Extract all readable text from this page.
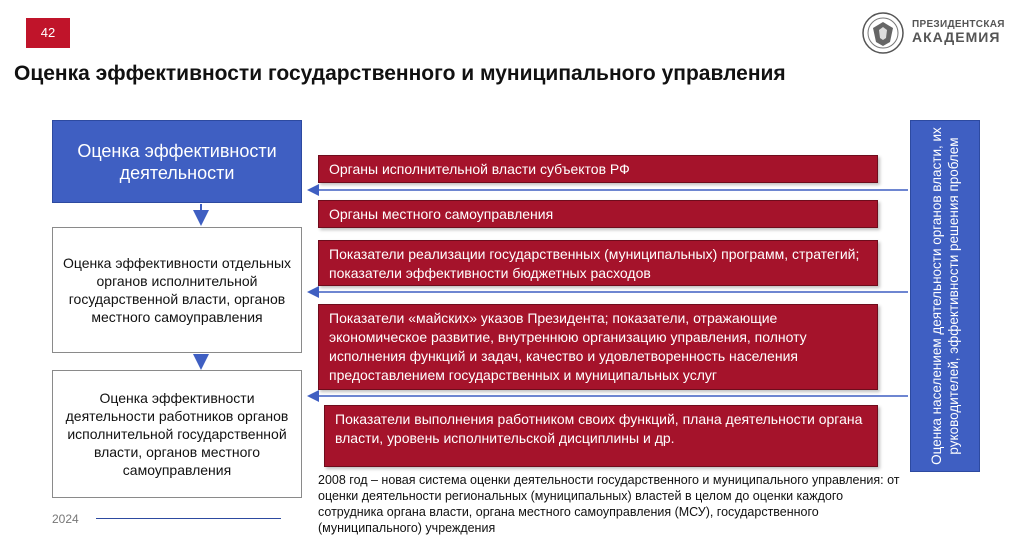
42
ПРЕЗИДЕНТСКАЯ
АКАДЕМИЯ
Оценка эффективности государственного и муниципального управления
Оценка эффективности деятельности
Оценка эффективности отдельных органов исполнительной государственной власти, органов местного самоуправления
Оценка эффективности деятельности работников органов исполнительной государственной власти, органов местного самоуправления
Органы исполнительной власти субъектов РФ
Органы местного самоуправления
Показатели реализации государственных (муниципальных) программ, стратегий; показатели эффективности бюджетных расходов
Показатели «майских» указов Президента; показатели, отражающие экономическое развитие, внутреннюю организацию управления, полноту исполнения функций и задач, качество и удовлетворенность населения предоставлением государственных и муниципальных услуг
Показатели выполнения работником своих функций, плана деятельности органа власти, уровень исполнительской дисциплины и др.	Оценка населением деятельности органов власти, их руководителей, эффективности решения проблем
2008 год – новая система оценки деятельности государственного и муниципального управления: от оценки деятельности региональных (муниципальных) властей в целом до оценки каждого сотрудника органа власти, органа местного самоуправления (МСУ), государственного (муниципального) учреждения
2024
